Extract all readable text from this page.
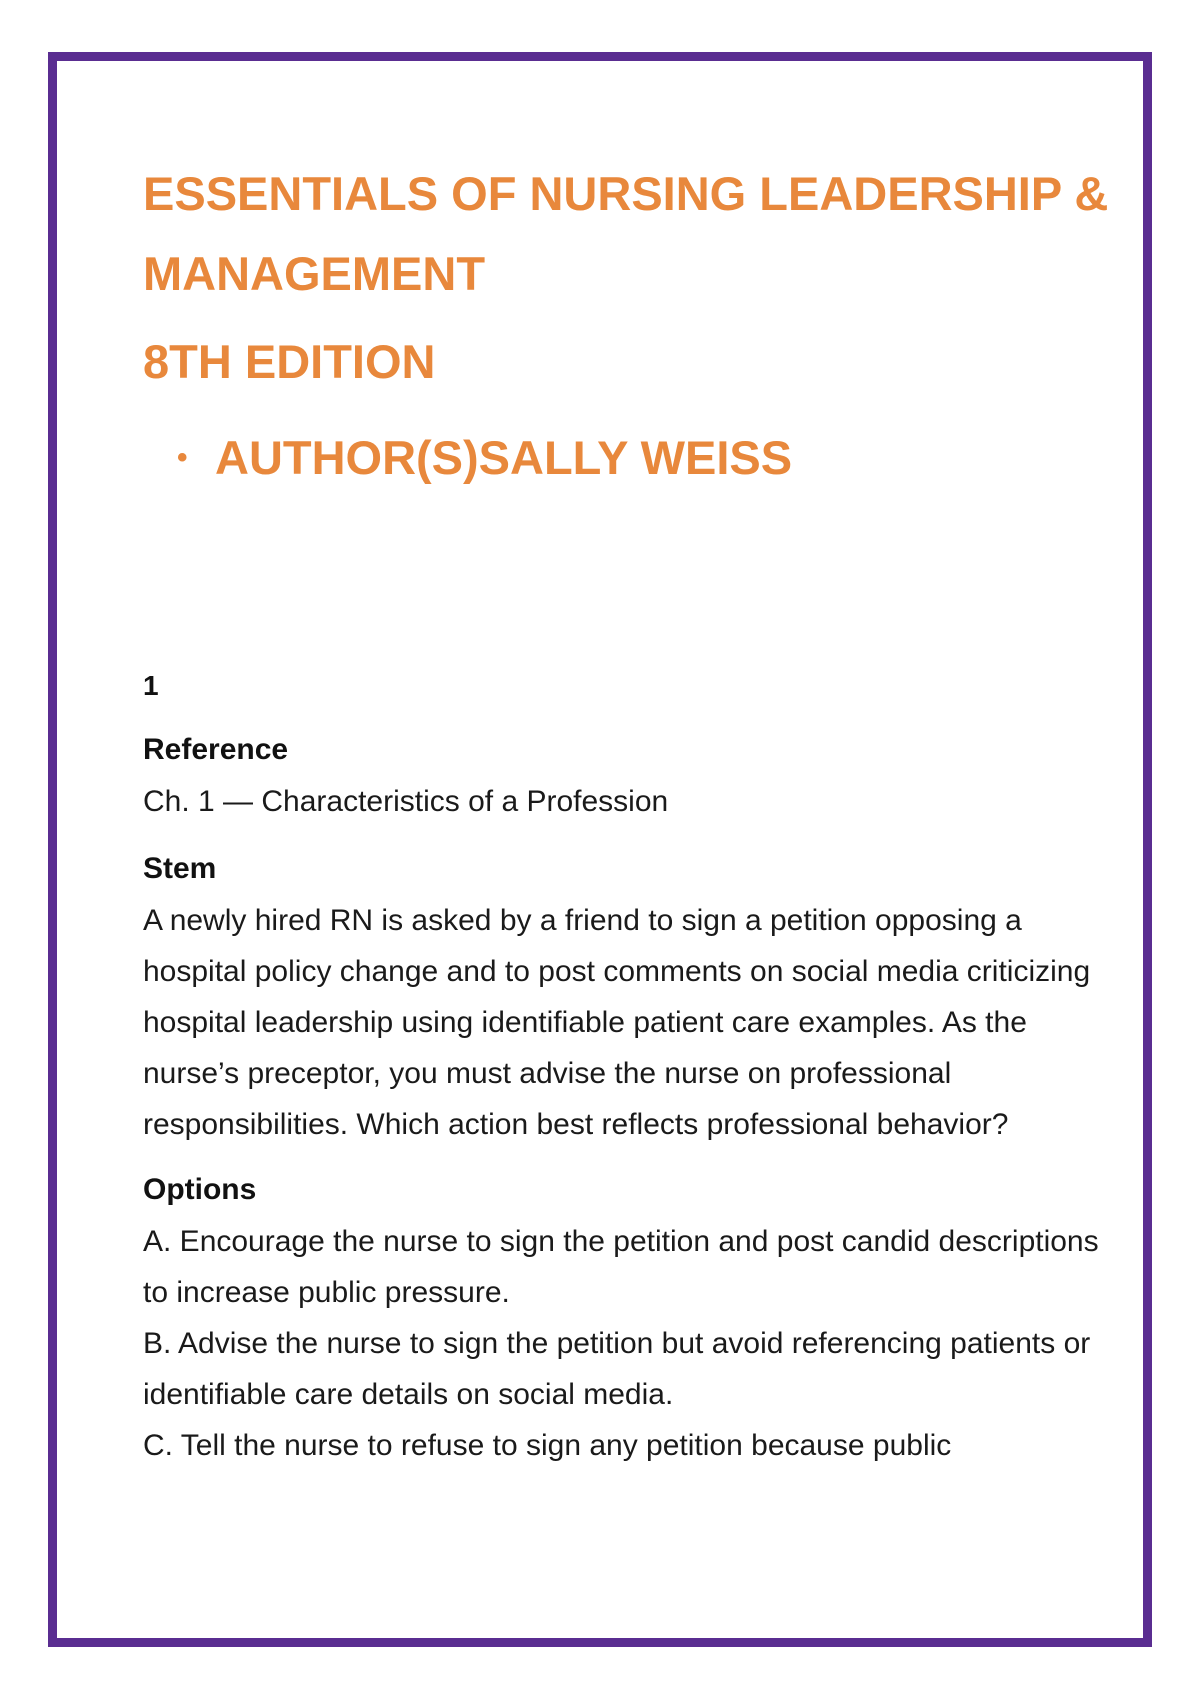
ESSENTIALS OF NURSING LEADERSHIP &
MANAGEMENT
8TH EDITION
• AUTHOR(S)SALLY WEISS
1
Reference
Ch. 1 — Characteristics of a Profession
Stem
A newly hired RN is asked by a friend to sign a petition opposing a hospital policy change and to post comments on social media criticizing hospital leadership using identifiable patient care examples. As the nurse’s preceptor, you must advise the nurse on professional responsibilities. Which action best reflects professional behavior?
Options
A. Encourage the nurse to sign the petition and post candid descriptions to increase public pressure.
B. Advise the nurse to sign the petition but avoid referencing patients or identifiable care details on social media.
C. Tell the nurse to refuse to sign any petition because public
